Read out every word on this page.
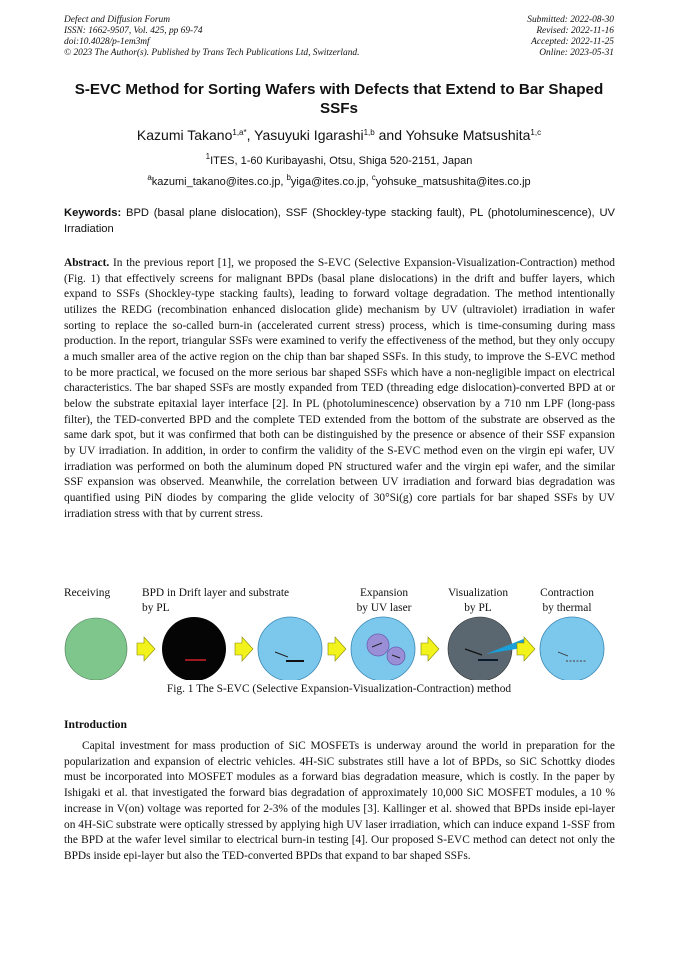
Defect and Diffusion Forum
ISSN: 1662-9507, Vol. 425, pp 69-74
doi:10.4028/p-1em3mf
© 2023 The Author(s). Published by Trans Tech Publications Ltd, Switzerland.
Submitted: 2022-08-30
Revised: 2022-11-16
Accepted: 2022-11-25
Online: 2023-05-31
S-EVC Method for Sorting Wafers with Defects that Extend to Bar Shaped SSFs
Kazumi Takano$^{1,a*}$, Yasuyuki Igarashi$^{1,b}$ and Yohsuke Matsushita$^{1,c}$
$^1$ITES, 1-60 Kuribayashi, Otsu, Shiga 520-2151, Japan
$^a$kazumi_takano@ites.co.jp, $^b$yiga@ites.co.jp, $^c$yohsuke_matsushita@ites.co.jp
Keywords: BPD (basal plane dislocation), SSF (Shockley-type stacking fault), PL (photoluminescence), UV Irradiation
Abstract. In the previous report [1], we proposed the S-EVC (Selective Expansion-Visualization-Contraction) method (Fig. 1) that effectively screens for malignant BPDs (basal plane dislocations) in the drift and buffer layers, which expand to SSFs (Shockley-type stacking faults), leading to forward voltage degradation. The method intentionally utilizes the REDG (recombination enhanced dislocation glide) mechanism by UV (ultraviolet) irradiation in wafer sorting to replace the so-called burn-in (accelerated current stress) process, which is time-consuming during mass production. In the report, triangular SSFs were examined to verify the effectiveness of the method, but they only occupy a much smaller area of the active region on the chip than bar shaped SSFs. In this study, to improve the S-EVC method to be more practical, we focused on the more serious bar shaped SSFs which have a non-negligible impact on electrical characteristics. The bar shaped SSFs are mostly expanded from TED (threading edge dislocation)-converted BPD at or below the substrate epitaxial layer interface [2]. In PL (photoluminescence) observation by a 710 nm LPF (long-pass filter), the TED-converted BPD and the complete TED extended from the bottom of the substrate are observed as the same dark spot, but it was confirmed that both can be distinguished by the presence or absence of their SSF expansion by UV irradiation. In addition, in order to confirm the validity of the S-EVC method even on the virgin epi wafer, UV irradiation was performed on both the aluminum doped PN structured wafer and the virgin epi wafer, and the similar SSF expansion was observed. Meanwhile, the correlation between UV irradiation and forward bias degradation was quantified using PiN diodes by comparing the glide velocity of 30°Si(g) core partials for bar shaped SSFs by UV irradiation stress with that by current stress.
Receiving	BPD in Drift layer and substrate
by PL
Expansion
by UV laser
Visualization
by PL
Contraction
by thermal
Fig. 1 The S-EVC (Selective Expansion-Visualization-Contraction) method
Introduction
Capital investment for mass production of SiC MOSFETs is underway around the world in preparation for the popularization and expansion of electric vehicles. 4H-SiC substrates still have a lot of BPDs, so SiC Schottky diodes must be incorporated into MOSFET modules as a forward bias degradation measure, which is costly. In the paper by Ishigaki et al. that investigated the forward bias degradation of approximately 10,000 SiC MOSFET modules, a 10 % increase in V(on) voltage was reported for 2-3% of the modules [3]. Kallinger et al. showed that BPDs inside epi-layer on 4H-SiC substrate were optically stressed by applying high UV laser irradiation, which can induce expand 1-SSF from the BPD at the wafer level similar to electrical burn-in testing [4]. Our proposed S-EVC method can detect not only the BPDs inside epi-layer but also the TED-converted BPDs that expand to bar shaped SSFs.
